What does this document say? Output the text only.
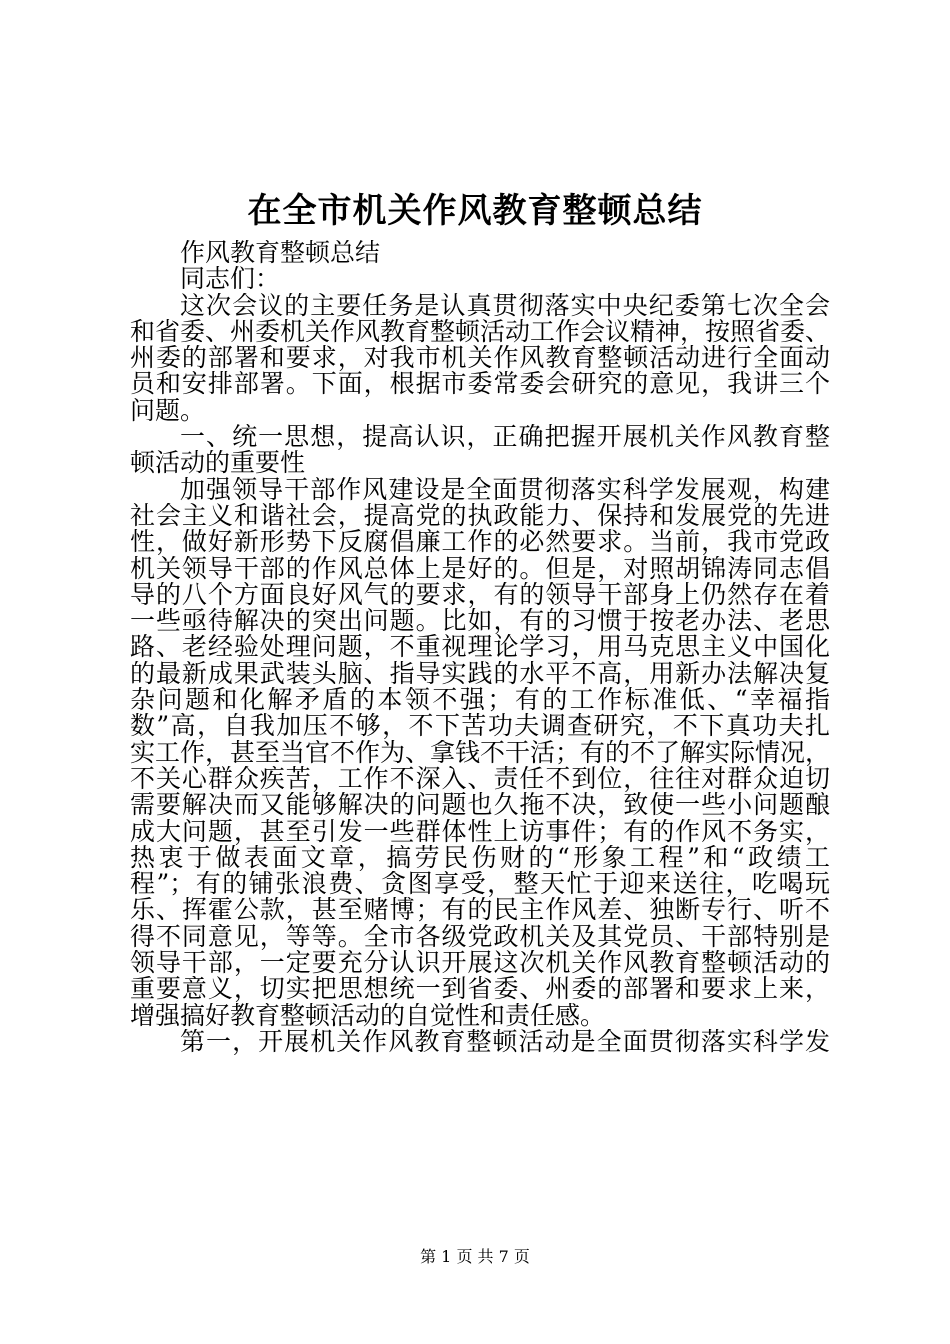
在全市机关作风教育整顿总结
作风教育整顿总结
同志们：
这次会议的主要任务是认真贯彻落实中央纪委第七次全会
和省委、州委机关作风教育整顿活动工作会议精神，按照省委、
州委的部署和要求，对我市机关作风教育整顿活动进行全面动
员和安排部署。下面，根据市委常委会研究的意见，我讲三个
问题。
一、统一思想，提高认识，正确把握开展机关作风教育整
顿活动的重要性
加强领导干部作风建设是全面贯彻落实科学发展观，构建
社会主义和谐社会，提高党的执政能力、保持和发展党的先进
性，做好新形势下反腐倡廉工作的必然要求。当前，我市党政
机关领导干部的作风总体上是好的。但是，对照胡锦涛同志倡
导的八个方面良好风气的要求，有的领导干部身上仍然存在着
一些亟待解决的突出问题。比如，有的习惯于按老办法、老思
路、老经验处理问题，不重视理论学习，用马克思主义中国化
的最新成果武装头脑、指导实践的水平不高，用新办法解决复
杂问题和化解矛盾的本领不强；有的工作标准低、“幸福指
数”高，自我加压不够，不下苦功夫调查研究，不下真功夫扎
实工作，甚至当官不作为、拿钱不干活；有的不了解实际情况，
不关心群众疾苦，工作不深入、责任不到位，往往对群众迫切
需要解决而又能够解决的问题也久拖不决，致使一些小问题酿
成大问题，甚至引发一些群体性上访事件；有的作风不务实，
热衷于做表面文章，搞劳民伤财的“形象工程”和“政绩工
程”；有的铺张浪费、贪图享受，整天忙于迎来送往，吃喝玩
乐、挥霍公款，甚至赌博；有的民主作风差、独断专行、听不
得不同意见，等等。全市各级党政机关及其党员、干部特别是
领导干部，一定要充分认识开展这次机关作风教育整顿活动的
重要意义，切实把思想统一到省委、州委的部署和要求上来，
增强搞好教育整顿活动的自觉性和责任感。
第一，开展机关作风教育整顿活动是全面贯彻落实科学发
第 1 页 共 7 页
